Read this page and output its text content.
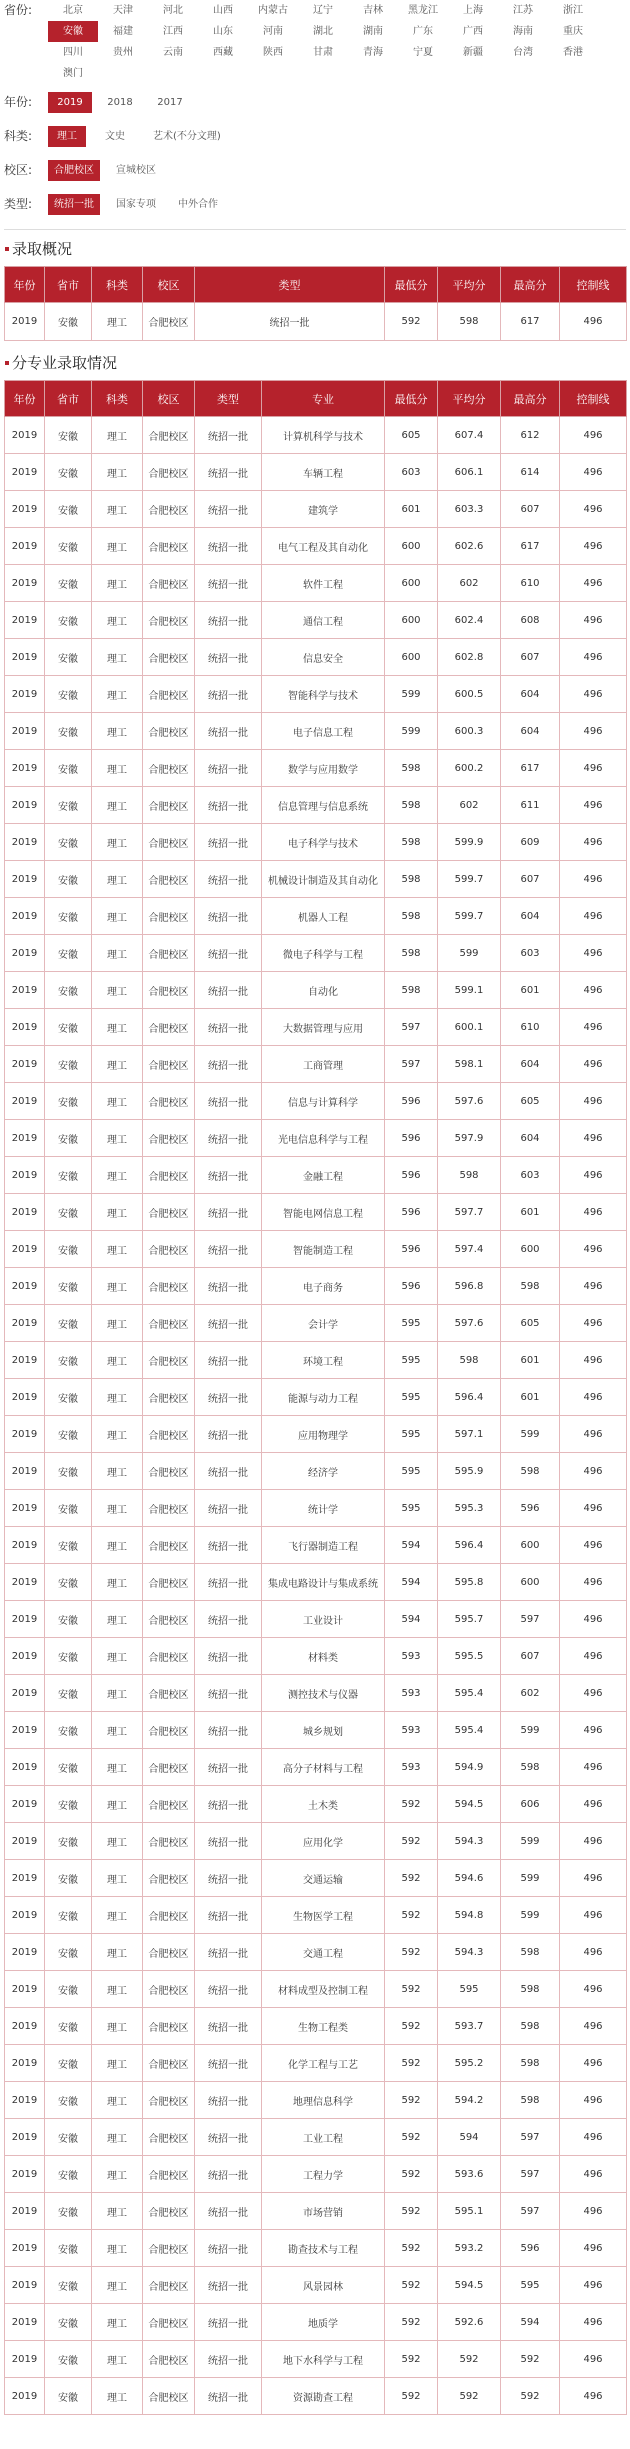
省份:	北京	天津	河北	山西	内蒙古	辽宁	吉林	黑龙江	上海	江苏	浙江
安徽	福建	江西	山东	河南	湖北	湖南	广东	广西	海南	重庆
四川	贵州	云南	西藏	陕西	甘肃	青海	宁夏	新疆	台湾	香港
澳门
年份:	2019	2018	2017
科类:	理工	文史	艺术(不分文理)
校区:	合肥校区	宣城校区
类型:	统招一批	国家专项	中外合作
录取概况
年份	省市	科类	校区	类型	最低分	平均分	最高分	控制线
2019	安徽	理工	合肥校区	统招一批	592	598	617	496
分专业录取情况
年份	省市	科类	校区	类型	专业	最低分	平均分	最高分	控制线
2019	安徽	理工	合肥校区	统招一批	计算机科学与技术	605	607.4	612	496
2019	安徽	理工	合肥校区	统招一批	车辆工程	603	606.1	614	496
2019	安徽	理工	合肥校区	统招一批	建筑学	601	603.3	607	496
2019	安徽	理工	合肥校区	统招一批	电气工程及其自动化	600	602.6	617	496
2019	安徽	理工	合肥校区	统招一批	软件工程	600	602	610	496
2019	安徽	理工	合肥校区	统招一批	通信工程	600	602.4	608	496
2019	安徽	理工	合肥校区	统招一批	信息安全	600	602.8	607	496
2019	安徽	理工	合肥校区	统招一批	智能科学与技术	599	600.5	604	496
2019	安徽	理工	合肥校区	统招一批	电子信息工程	599	600.3	604	496
2019	安徽	理工	合肥校区	统招一批	数学与应用数学	598	600.2	617	496
2019	安徽	理工	合肥校区	统招一批	信息管理与信息系统	598	602	611	496
2019	安徽	理工	合肥校区	统招一批	电子科学与技术	598	599.9	609	496
2019	安徽	理工	合肥校区	统招一批	机械设计制造及其自动化	598	599.7	607	496
2019	安徽	理工	合肥校区	统招一批	机器人工程	598	599.7	604	496
2019	安徽	理工	合肥校区	统招一批	微电子科学与工程	598	599	603	496
2019	安徽	理工	合肥校区	统招一批	自动化	598	599.1	601	496
2019	安徽	理工	合肥校区	统招一批	大数据管理与应用	597	600.1	610	496
2019	安徽	理工	合肥校区	统招一批	工商管理	597	598.1	604	496
2019	安徽	理工	合肥校区	统招一批	信息与计算科学	596	597.6	605	496
2019	安徽	理工	合肥校区	统招一批	光电信息科学与工程	596	597.9	604	496
2019	安徽	理工	合肥校区	统招一批	金融工程	596	598	603	496
2019	安徽	理工	合肥校区	统招一批	智能电网信息工程	596	597.7	601	496
2019	安徽	理工	合肥校区	统招一批	智能制造工程	596	597.4	600	496
2019	安徽	理工	合肥校区	统招一批	电子商务	596	596.8	598	496
2019	安徽	理工	合肥校区	统招一批	会计学	595	597.6	605	496
2019	安徽	理工	合肥校区	统招一批	环境工程	595	598	601	496
2019	安徽	理工	合肥校区	统招一批	能源与动力工程	595	596.4	601	496
2019	安徽	理工	合肥校区	统招一批	应用物理学	595	597.1	599	496
2019	安徽	理工	合肥校区	统招一批	经济学	595	595.9	598	496
2019	安徽	理工	合肥校区	统招一批	统计学	595	595.3	596	496
2019	安徽	理工	合肥校区	统招一批	飞行器制造工程	594	596.4	600	496
2019	安徽	理工	合肥校区	统招一批	集成电路设计与集成系统	594	595.8	600	496
2019	安徽	理工	合肥校区	统招一批	工业设计	594	595.7	597	496
2019	安徽	理工	合肥校区	统招一批	材料类	593	595.5	607	496
2019	安徽	理工	合肥校区	统招一批	测控技术与仪器	593	595.4	602	496
2019	安徽	理工	合肥校区	统招一批	城乡规划	593	595.4	599	496
2019	安徽	理工	合肥校区	统招一批	高分子材料与工程	593	594.9	598	496
2019	安徽	理工	合肥校区	统招一批	土木类	592	594.5	606	496
2019	安徽	理工	合肥校区	统招一批	应用化学	592	594.3	599	496
2019	安徽	理工	合肥校区	统招一批	交通运输	592	594.6	599	496
2019	安徽	理工	合肥校区	统招一批	生物医学工程	592	594.8	599	496
2019	安徽	理工	合肥校区	统招一批	交通工程	592	594.3	598	496
2019	安徽	理工	合肥校区	统招一批	材料成型及控制工程	592	595	598	496
2019	安徽	理工	合肥校区	统招一批	生物工程类	592	593.7	598	496
2019	安徽	理工	合肥校区	统招一批	化学工程与工艺	592	595.2	598	496
2019	安徽	理工	合肥校区	统招一批	地理信息科学	592	594.2	598	496
2019	安徽	理工	合肥校区	统招一批	工业工程	592	594	597	496
2019	安徽	理工	合肥校区	统招一批	工程力学	592	593.6	597	496
2019	安徽	理工	合肥校区	统招一批	市场营销	592	595.1	597	496
2019	安徽	理工	合肥校区	统招一批	勘查技术与工程	592	593.2	596	496
2019	安徽	理工	合肥校区	统招一批	风景园林	592	594.5	595	496
2019	安徽	理工	合肥校区	统招一批	地质学	592	592.6	594	496
2019	安徽	理工	合肥校区	统招一批	地下水科学与工程	592	592	592	496
2019	安徽	理工	合肥校区	统招一批	资源勘查工程	592	592	592	496
